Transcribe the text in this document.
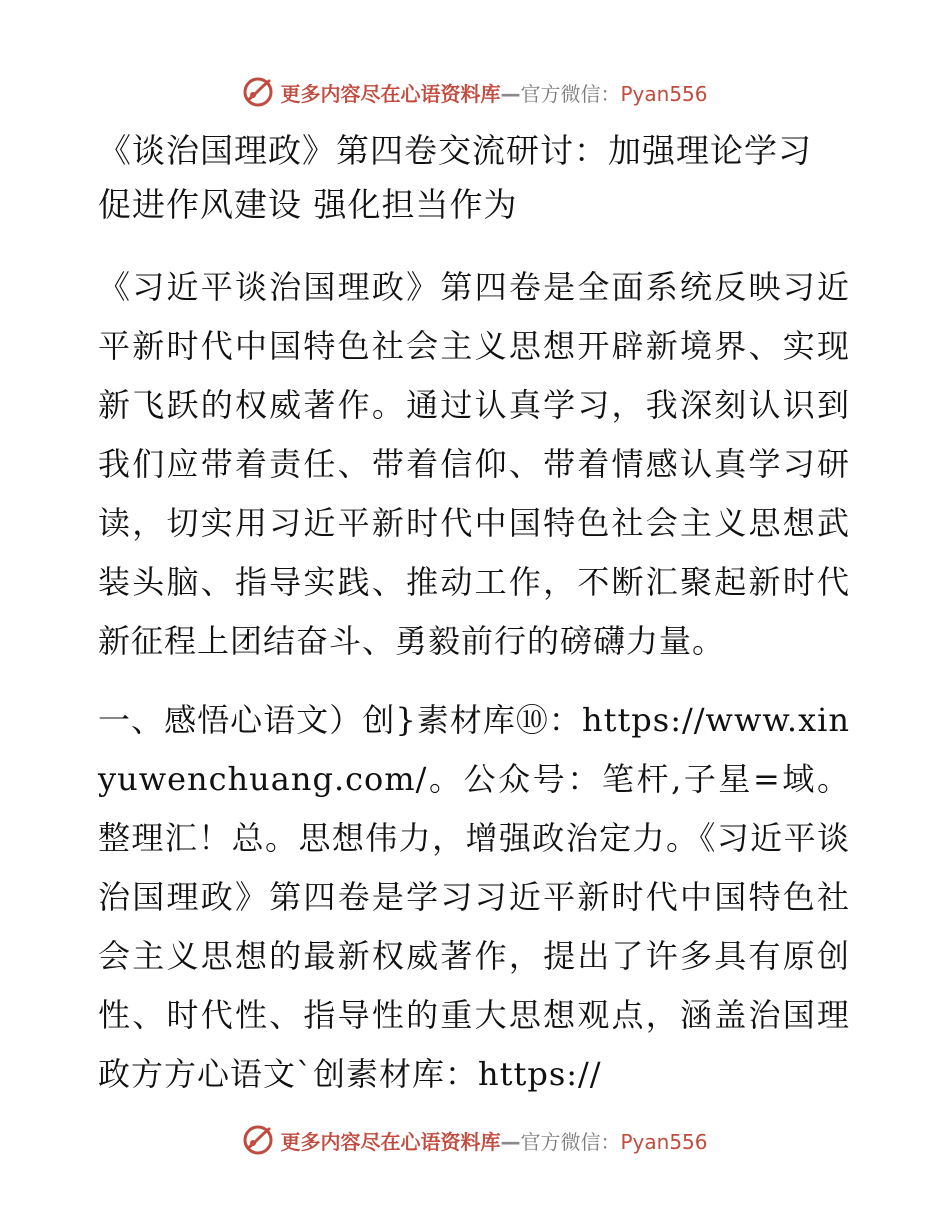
更多内容尽在心语资料库—官方微信：Pyan556
《谈治国理政》第四卷交流研讨：加强理论学习
促进作风建设 强化担当作为

《习近平谈治国理政》第四卷是全面系统反映习近平新时代中国特色社会主义思想开辟新境界、实现新飞跃的权威著作。通过认真学习，我深刻认识到我们应带着责任、带着信仰、带着情感认真学习研读，切实用习近平新时代中国特色社会主义思想武装头脑、指导实践、推动工作，不断汇聚起新时代新征程上团结奋斗、勇毅前行的磅礴力量。

一、感悟心语文）创}素材库⑩：https://www.xinyuwenchuang.com/。公众号：笔杆,子星=域。整理汇！总。思想伟力，增强政治定力。《习近平谈治国理政》第四卷是学习习近平新时代中国特色社会主义思想的最新权威著作，提出了许多具有原创性、时代性、指导性的重大思想观点，涵盖治国理政方方心语文`创素材库：https://

更多内容尽在心语资料库—官方微信：Pyan556
